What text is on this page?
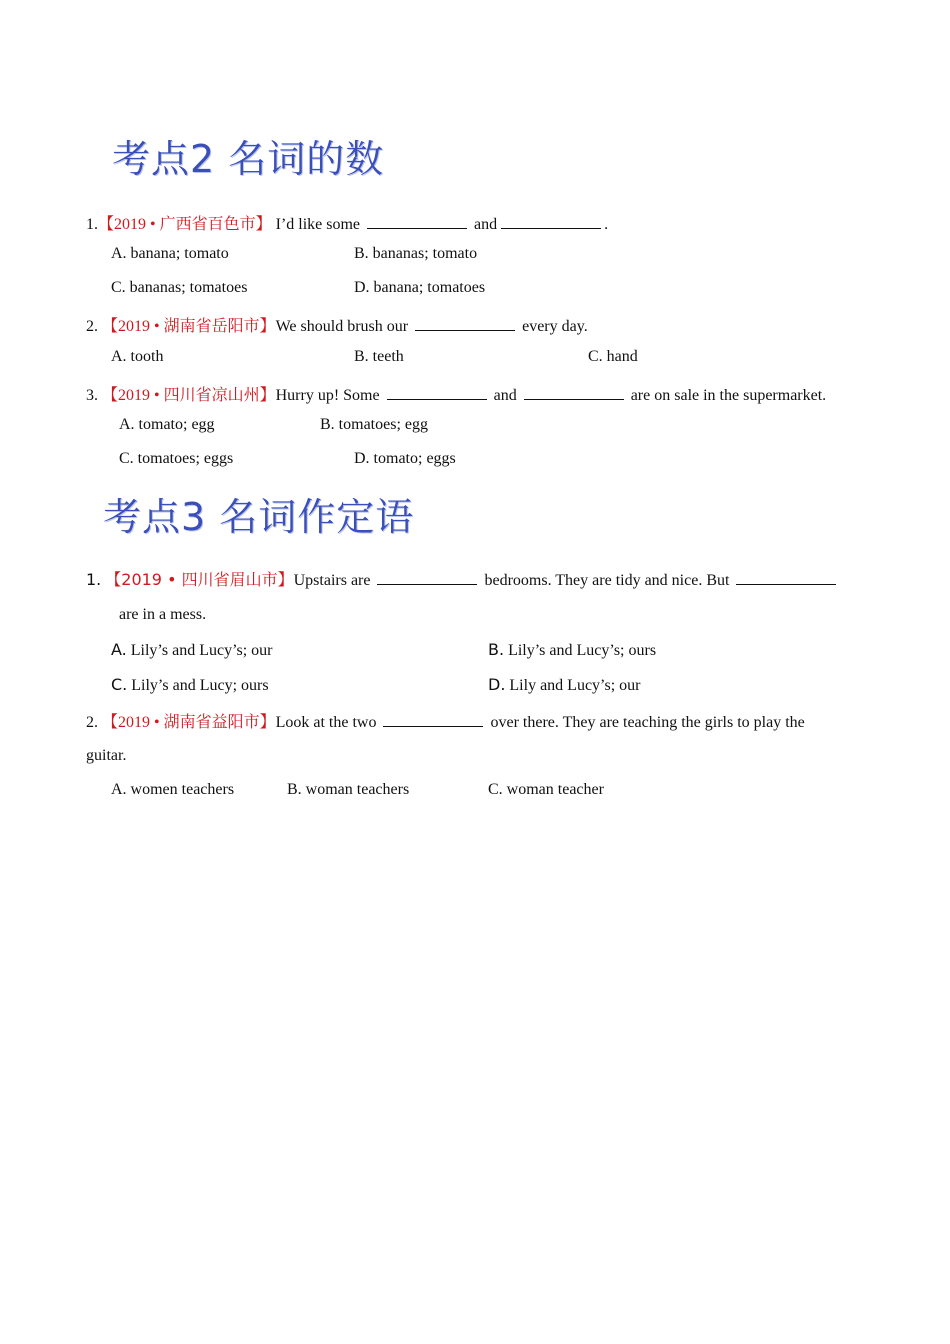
考点2 名词的数
1.【2019 • 广西省百色市】 I’d like some	and	.
A. banana; tomato	B. bananas; tomato
C. bananas; tomatoes	D. banana; tomatoes
2. 【2019 • 湖南省岳阳市】We should brush our	every day.
A. tooth	B. teeth	C. hand
3. 【2019 • 四川省凉山州】Hurry up! Some	and	are on sale in the supermarket.
A. tomato; egg	B. tomatoes; egg
C. tomatoes; eggs	D. tomato; eggs
考点3 名词作定语
1. 【2019 • 四川省眉山市】Upstairs are	bedrooms. They are tidy and nice. But
are in a mess.
A. Lily’s and Lucy’s; our	B. Lily’s and Lucy’s; ours
C. Lily’s and Lucy; ours	D. Lily and Lucy’s; our
2. 【2019 • 湖南省益阳市】Look at the two	over there. They are teaching the girls to play the
guitar.
A. women teachers	B. woman teachers	C. woman teacher
